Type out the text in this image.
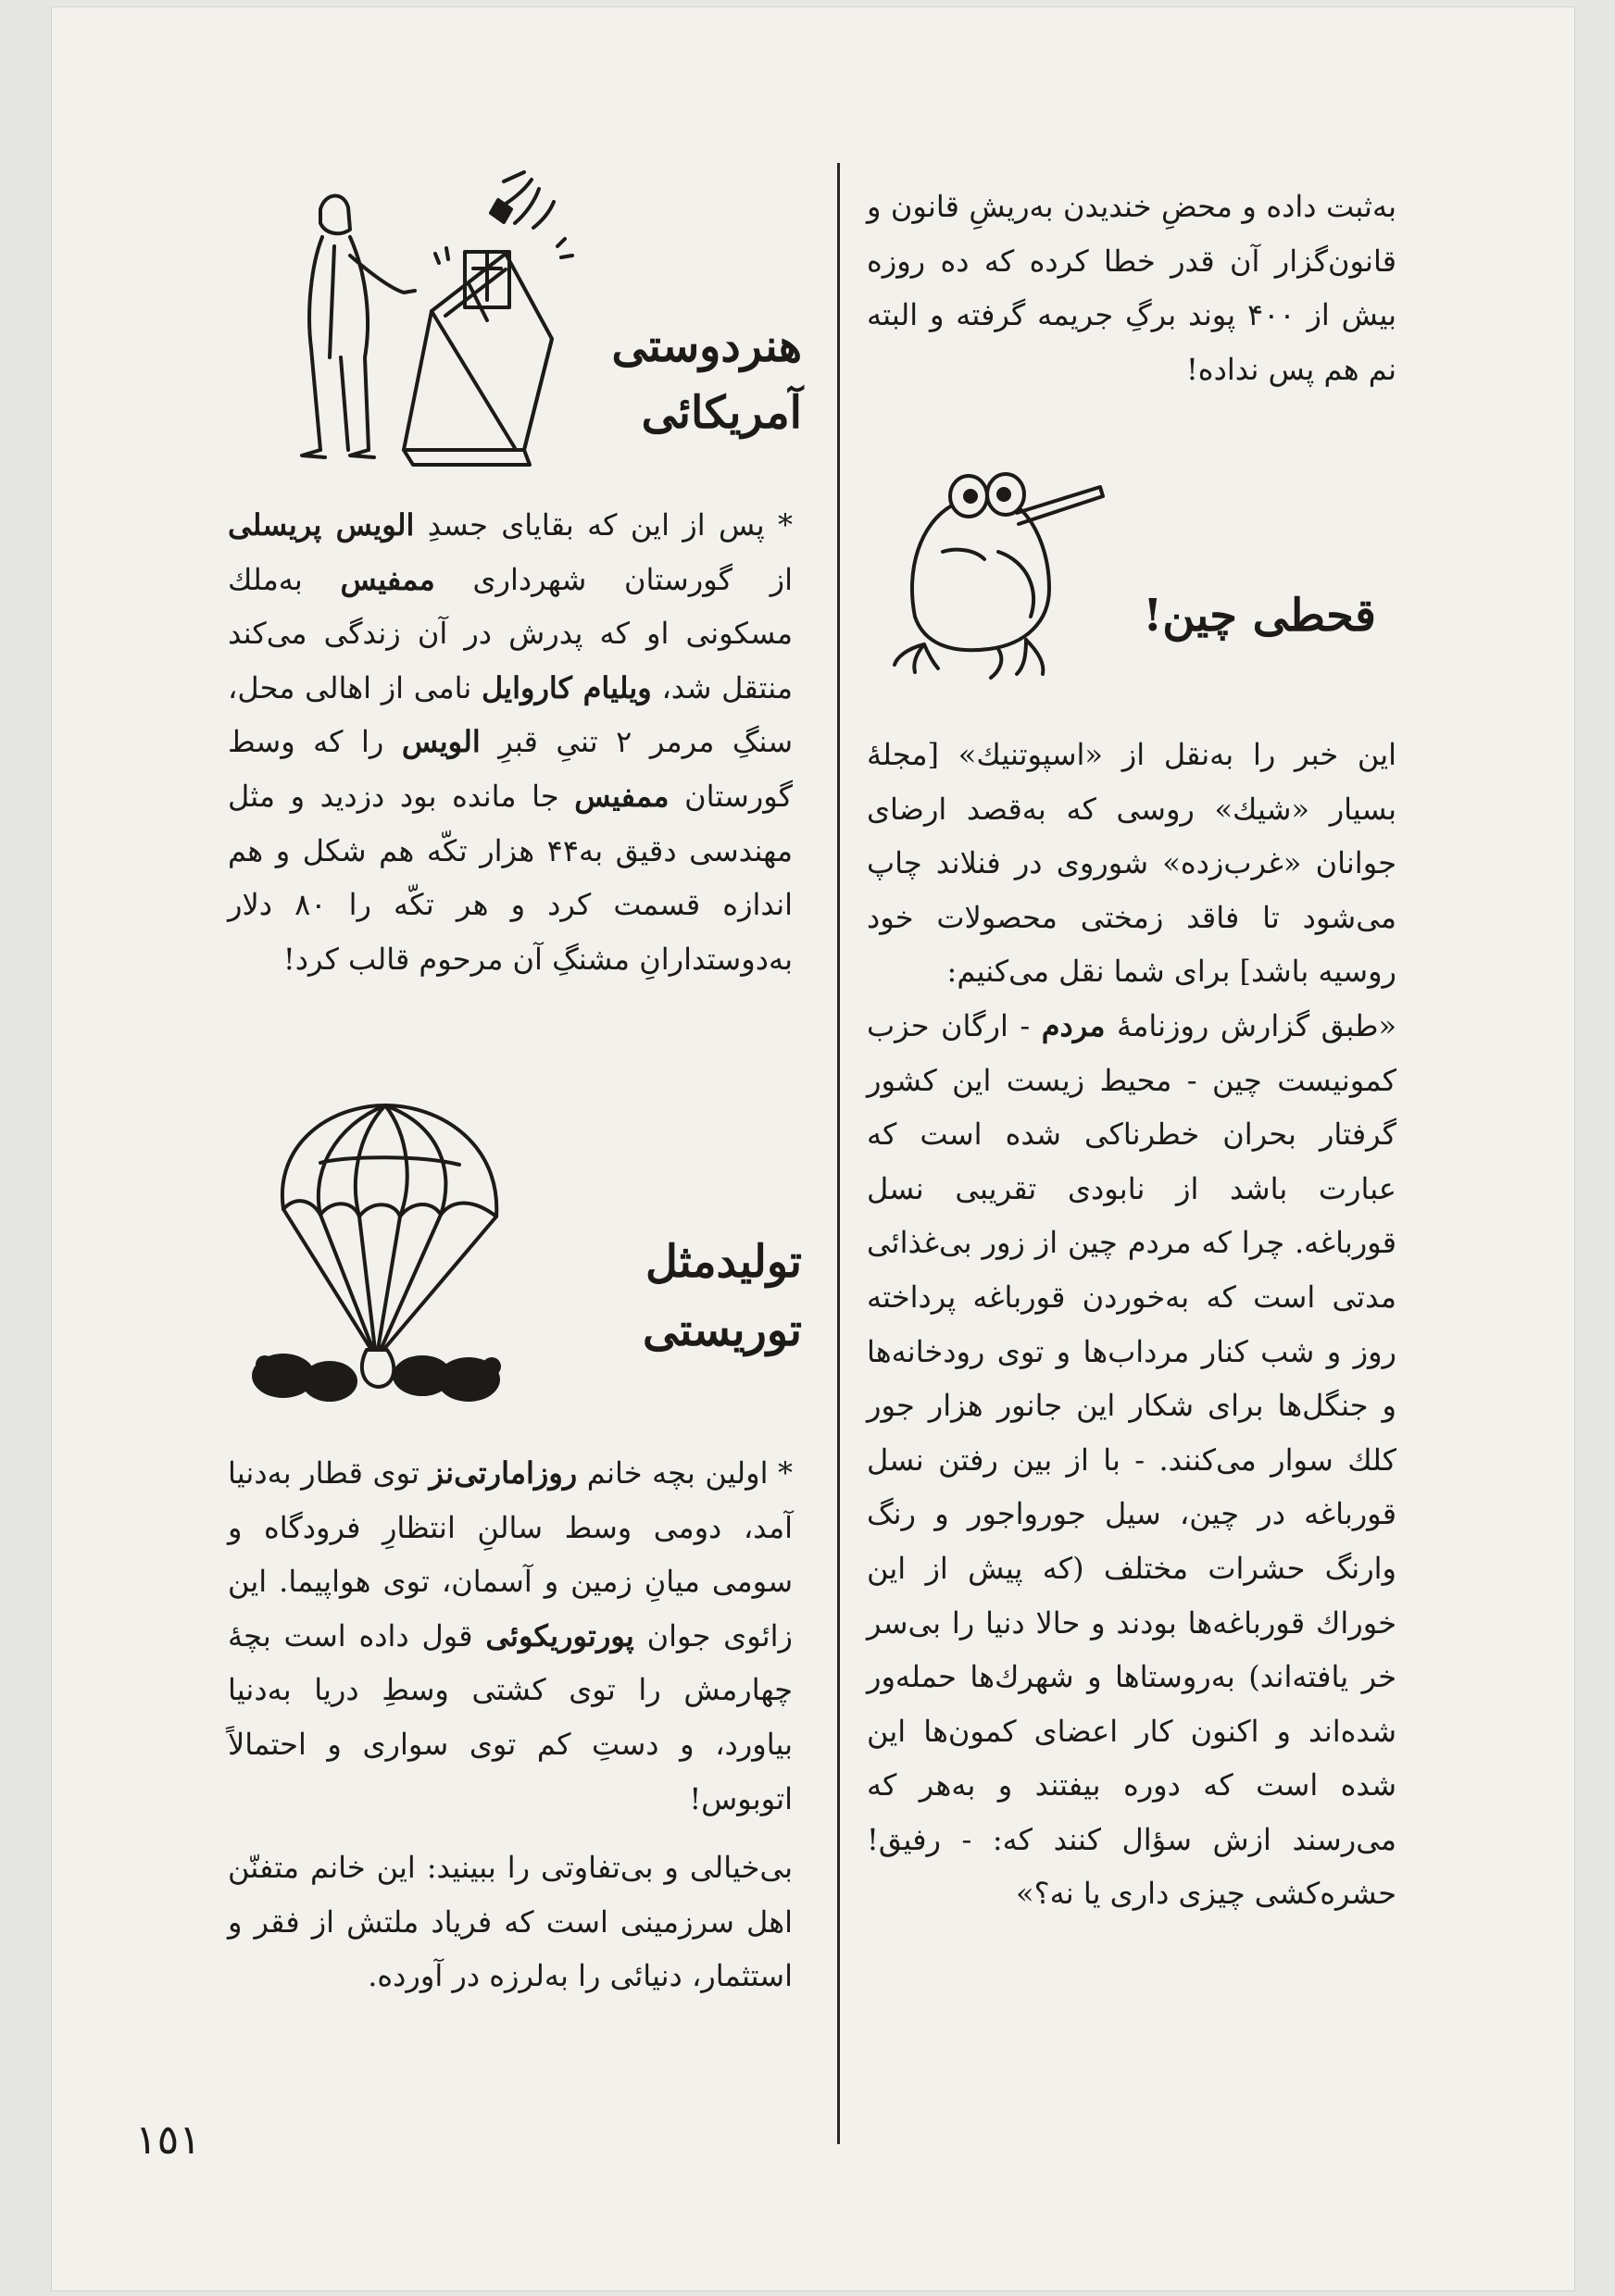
به‌ثبت داده و محضِ خندیدن به‌ریشِ قانون و قانون‌گزار آن قدر خطا کرده که ده روزه بیش از ۴۰۰ پوند برگِ جریمه گرفته و البته نم هم پس نداده!

قحطی چین!

این خبر را به‌نقل از «اسپوتنیك» [مجلهٔ بسیار «شیك» روسی که به‌قصد ارضای جوانان «غرب‌زده» شوروی در فنلاند چاپ می‌شود تا فاقد زمختی محصولات خود روسیه باشد] برای شما نقل می‌کنیم:

«طبق گزارش روزنامهٔ مردم - ارگان حزب کمونیست چین - محیط زیست این کشور گرفتار بحران خطرناکی شده است که عبارت باشد از نابودی تقریبی نسل قورباغه. چرا که مردم چین از زور بی‌غذائی مدتی است که به‌خوردن قورباغه پرداخته روز و شب کنار مرداب‌ها و توی رودخانه‌ها و جنگل‌ها برای شکار این جانور هزار جور کلك سوار می‌کنند. - با از بین رفتن نسل قورباغه در چین، سیل جورواجور و رنگ وارنگ حشرات مختلف (که پیش از این خوراك قورباغه‌ها بودند و حالا دنیا را بی‌سر خر یافته‌اند) به‌روستاها و شهرك‌ها حمله‌ور شده‌اند و اکنون کار اعضای کمون‌ها این شده است که دوره بیفتند و به‌هر که می‌رسند ازش سؤال کنند که: - رفیق! حشره‌کشی چیزی داری یا نه؟»

هنردوستی آمریکائی

* پس از این که بقایای جسدِ الویس پریسلی از گورستان شهرداری ممفیس به‌ملك مسکونی او که پدرش در آن زندگی می‌کند منتقل شد، ویلیام کاروایل نامی از اهالی محل، سنگِ مرمر ۲ تنیِ قبرِ الویس را که وسط گورستان ممفیس جا مانده بود دزدید و مثل مهندسی دقیق به‌۴۴ هزار تکّه هم شکل و هم اندازه قسمت کرد و هر تکّه را ۸۰ دلار به‌دوستدارانِ مشنگِ آن مرحوم قالب کرد!

تولیدمثل توریستی

* اولین بچه خانم روزامارتی‌نز توی قطار به‌دنیا آمد، دومی وسط سالنِ انتظارِ فرودگاه و سومی میانِ زمین و آسمان، توی هواپیما. این زائوی جوان پورتوریکوئی قول داده است بچهٔ چهارمش را توی کشتی وسطِ دریا به‌دنیا بیاورد، و دستِ کم توی سواری و احتمالاً اتوبوس!

بی‌خیالی و بی‌تفاوتی را ببینید: این خانم متفنّن اهل سرزمینی است که فریاد ملتش از فقر و استثمار، دنیائی را به‌لرزه در آورده.

١٥١
